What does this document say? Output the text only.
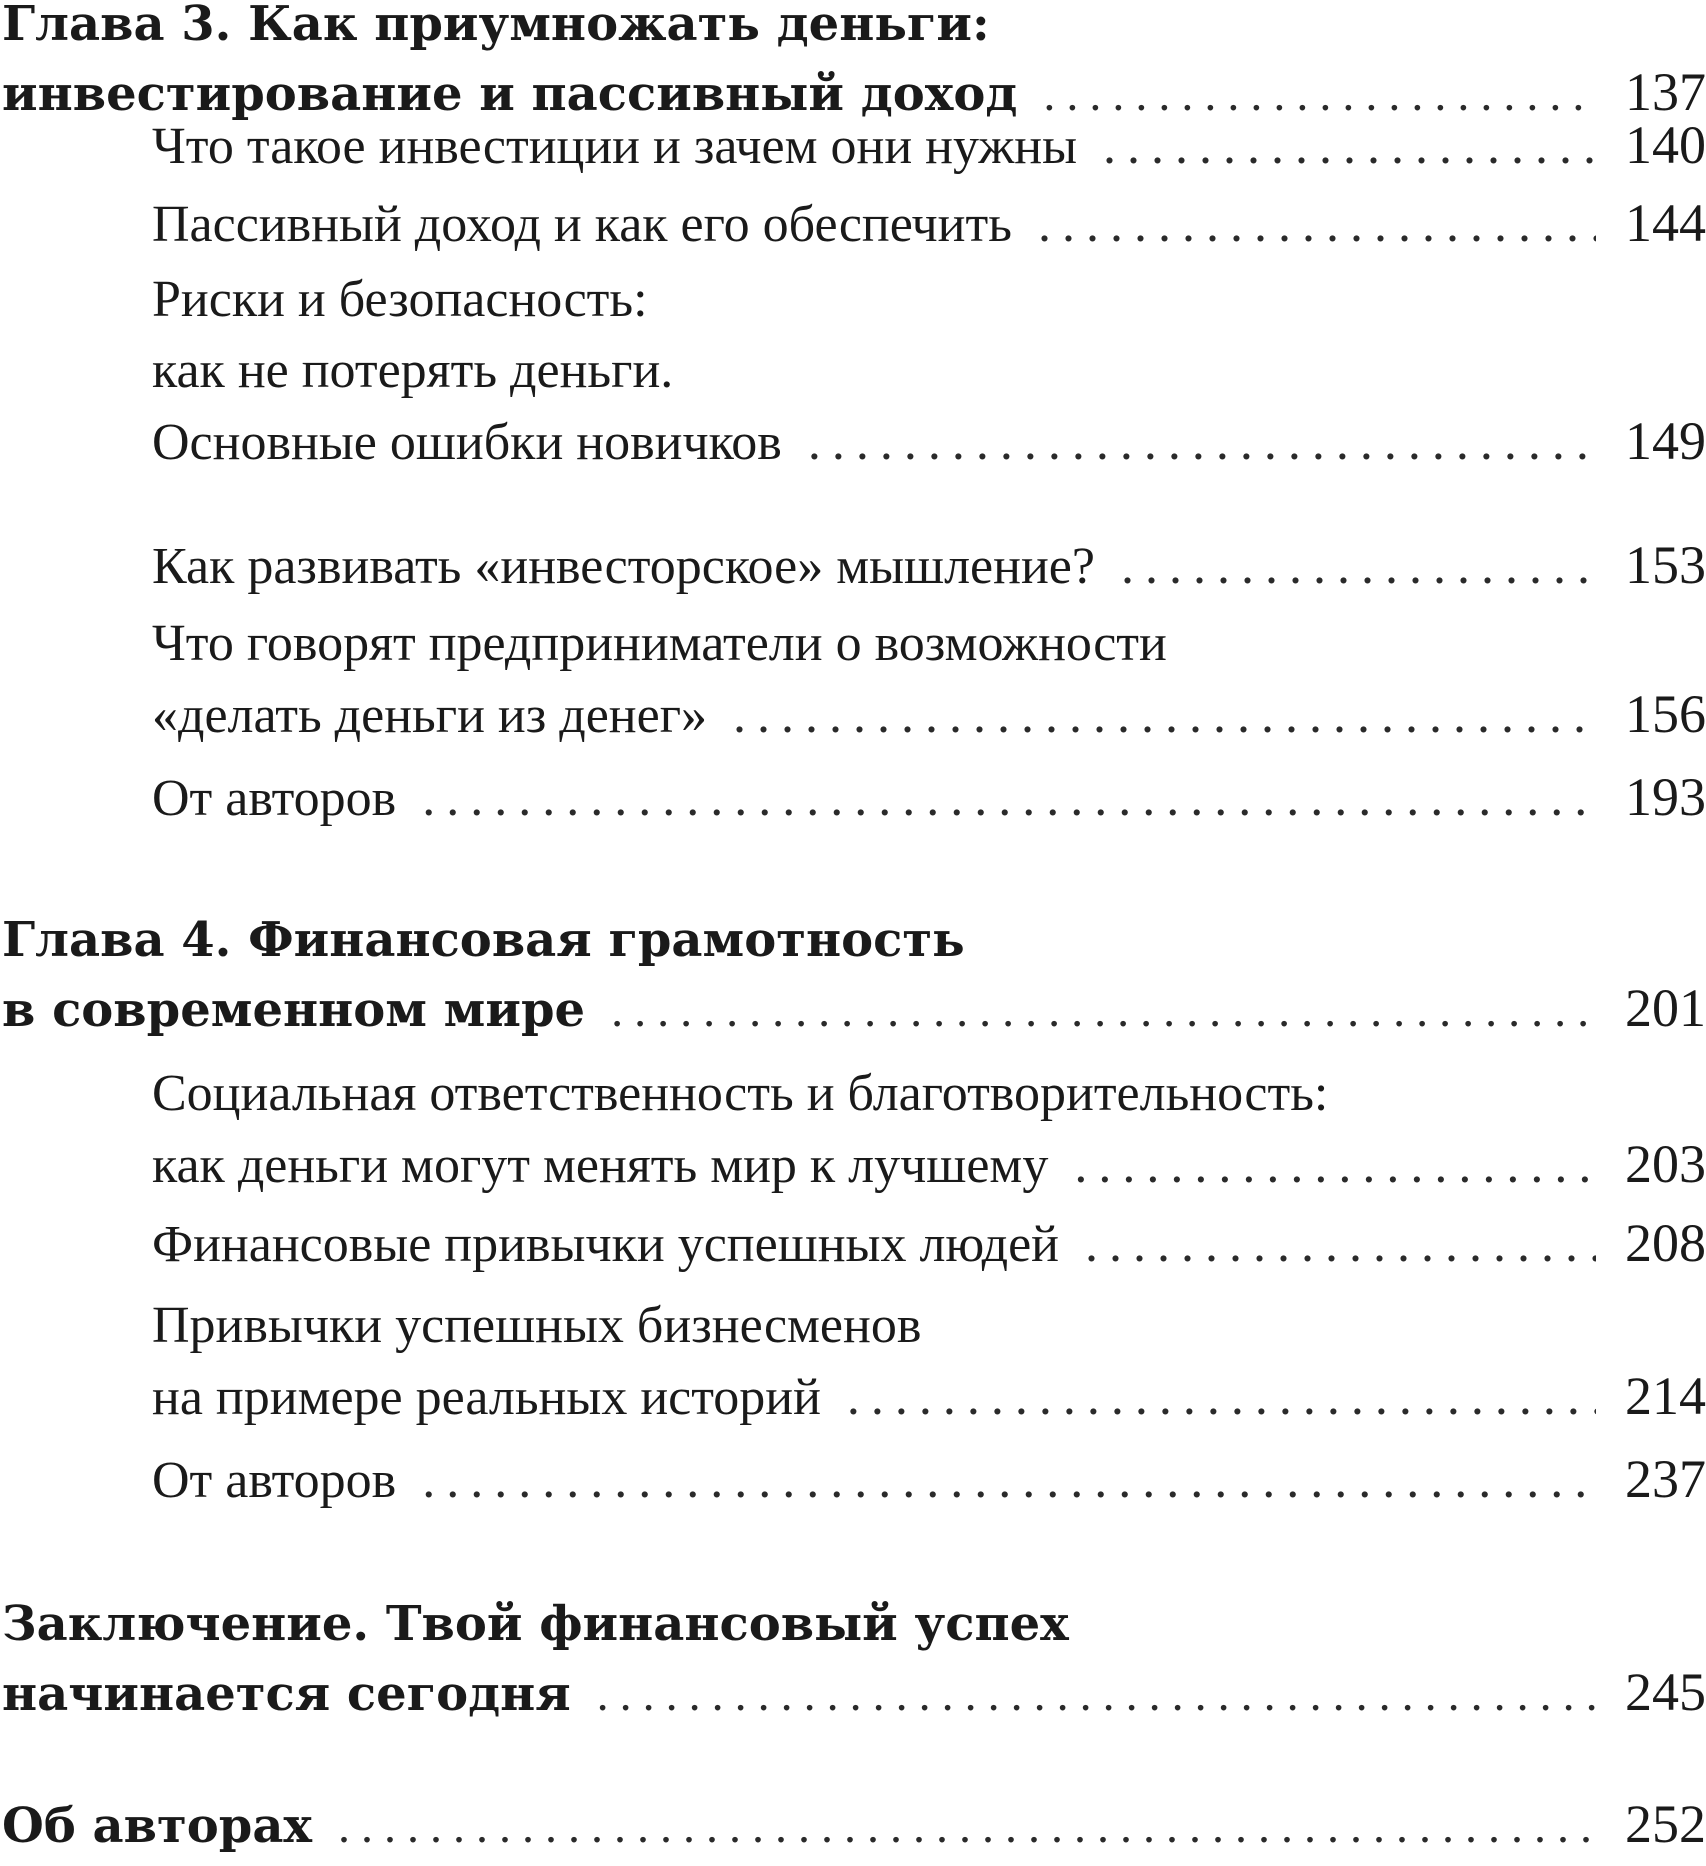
Глава 3. Как приумножать деньги:
инвестирование и пассивный доход .....	137
Что такое инвестиции и зачем они нужны .....	140
Пассивный доход и как его обеспечить .....	144
Риски и безопасность:
как не потерять деньги.
Основные ошибки новичков .....	149
Как развивать «инвесторское» мышление? .....	153
Что говорят предприниматели о возможности
«делать деньги из денег» .....	156
От авторов .....	193
Глава 4. Финансовая грамотность
в современном мире .....	201
Социальная ответственность и благотворительность:
как деньги могут менять мир к лучшему .....	203
Финансовые привычки успешных людей .....	208
Привычки успешных бизнесменов
на примере реальных историй .....	214
От авторов .....	237
Заключение. Твой финансовый успех
начинается сегодня .....	245
Об авторах .....	252
